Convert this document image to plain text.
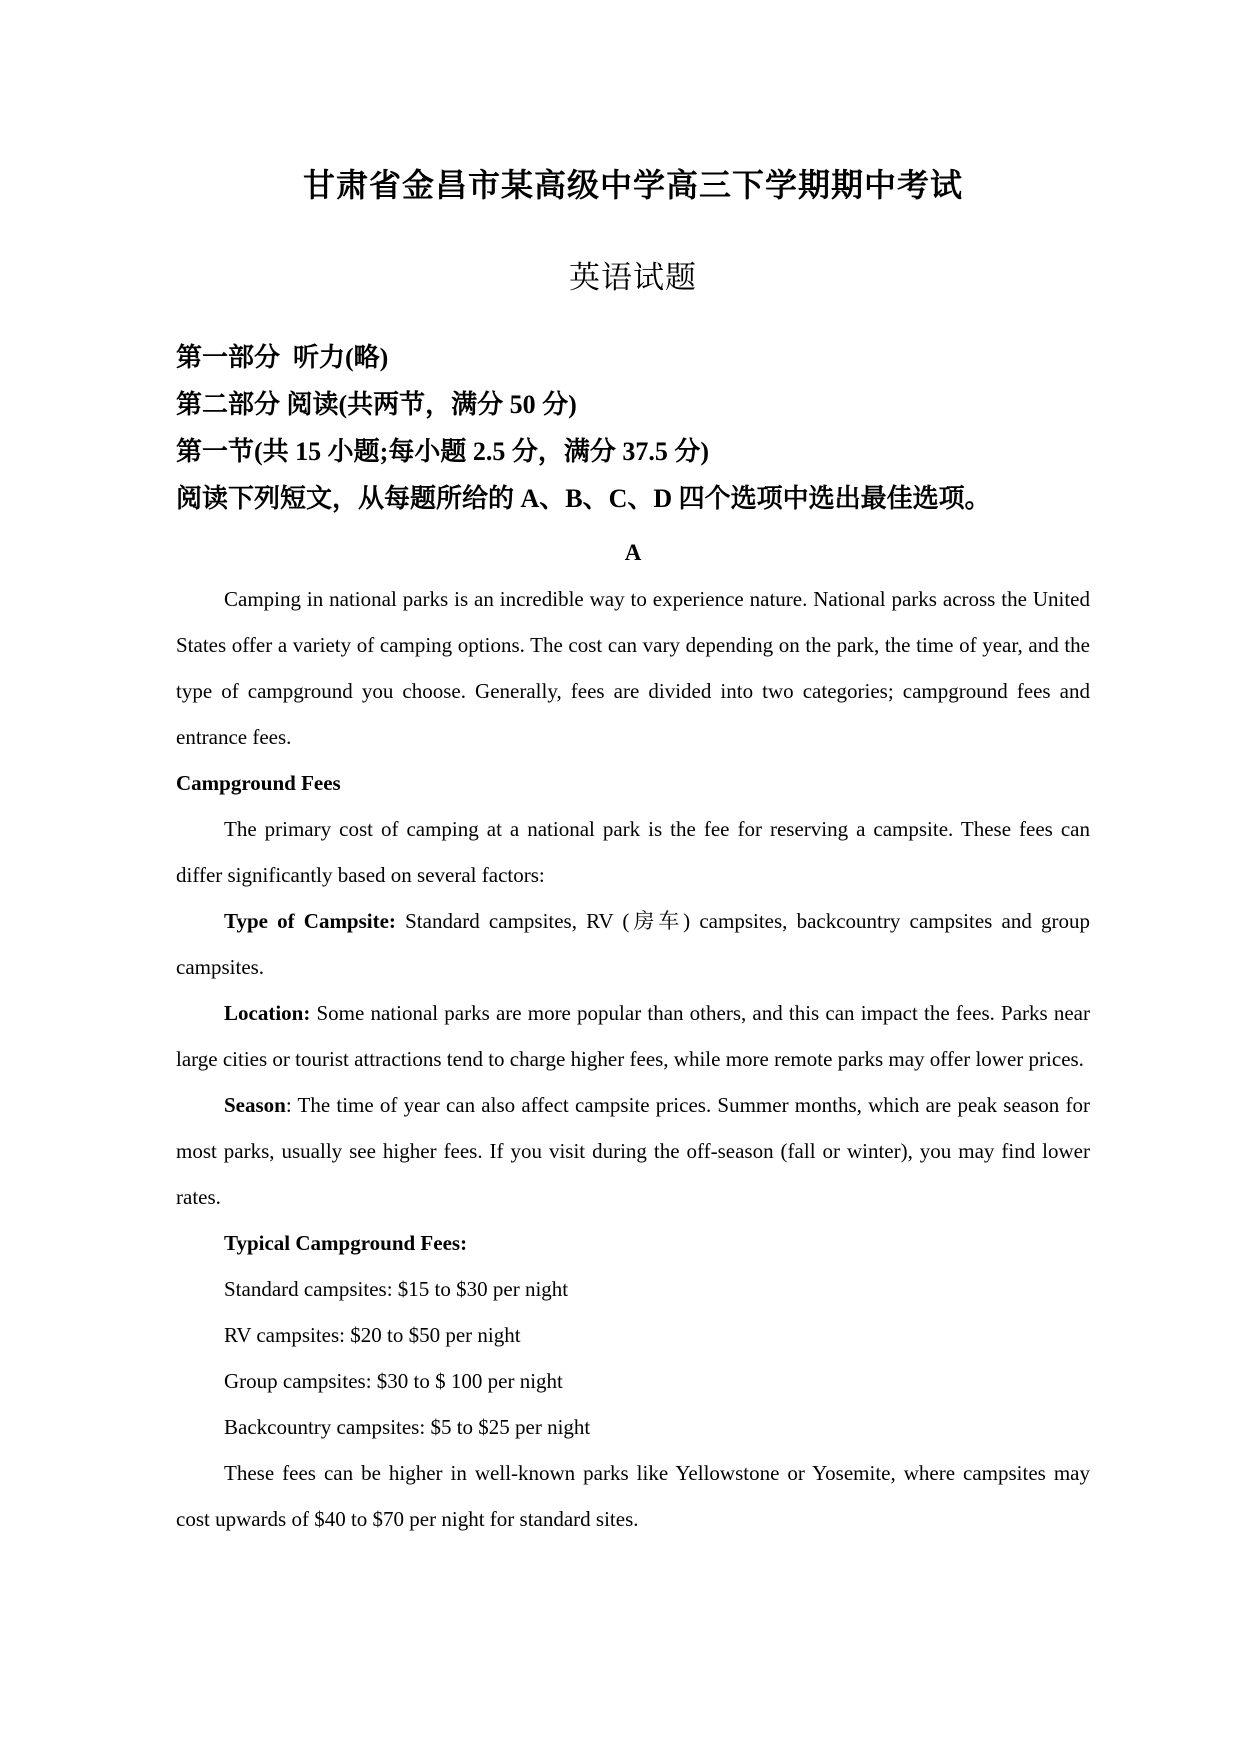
甘肃省金昌市某高级中学高三下学期期中考试
英语试题
第一部分  听力(略)
第二部分 阅读(共两节，满分 50 分)
第一节(共 15 小题;每小题 2.5 分，满分 37.5 分)
阅读下列短文，从每题所给的 A、B、C、D 四个选项中选出最佳选项。
A

Camping in national parks is an incredible way to experience nature. National parks across the United States offer a variety of camping options. The cost can vary depending on the park, the time of year, and the type of campground you choose. Generally, fees are divided into two categories; campground fees and entrance fees.

Campground Fees

The primary cost of camping at a national park is the fee for reserving a campsite. These fees can differ significantly based on several factors:

Type of Campsite: Standard campsites, RV (房车) campsites, backcountry campsites and group campsites.

Location: Some national parks are more popular than others, and this can impact the fees. Parks near large cities or tourist attractions tend to charge higher fees, while more remote parks may offer lower prices.

Season: The time of year can also affect campsite prices. Summer months, which are peak season for most parks, usually see higher fees. If you visit during the off-season (fall or winter), you may find lower rates.

Typical Campground Fees:
Standard campsites: $15 to $30 per night
RV campsites: $20 to $50 per night
Group campsites: $30 to $ 100 per night
Backcountry campsites: $5 to $25 per night

These fees can be higher in well-known parks like Yellowstone or Yosemite, where campsites may cost upwards of $40 to $70 per night for standard sites.
